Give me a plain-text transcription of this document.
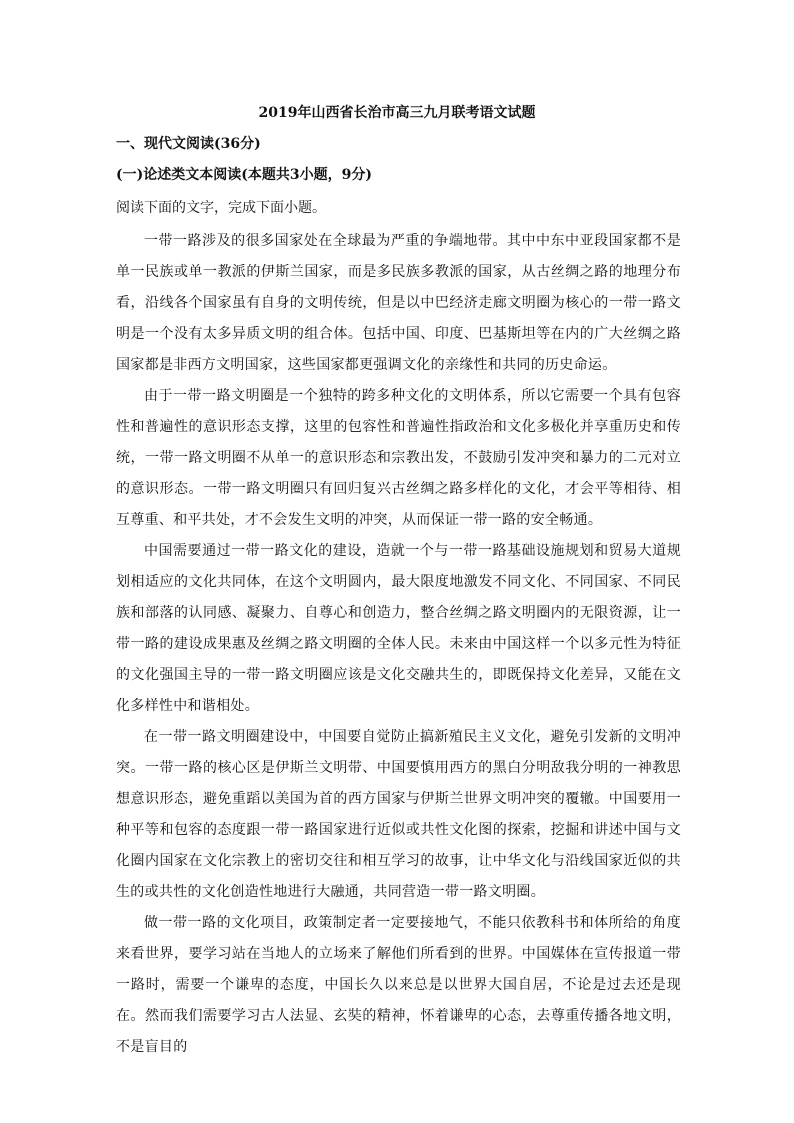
2019年山西省长治市高三九月联考语文试题
一、现代文阅读(36分)
(一)论述类文本阅读(本题共3小题，9分)
阅读下面的文字，完成下面小题。

一带一路涉及的很多国家处在全球最为严重的争端地带。其中中东中亚段国家都不是单一民族或单一教派的伊斯兰国家，而是多民族多教派的国家，从古丝绸之路的地理分布看，沿线各个国家虽有自身的文明传统，但是以中巴经济走廊文明圈为核心的一带一路文明是一个没有太多异质文明的组合体。包括中国、印度、巴基斯坦等在内的广大丝绸之路国家都是非西方文明国家，这些国家都更强调文化的亲缘性和共同的历史命运。

由于一带一路文明圈是一个独特的跨多种文化的文明体系，所以它需要一个具有包容性和普遍性的意识形态支撑，这里的包容性和普遍性指政治和文化多极化并享重历史和传统，一带一路文明圈不从单一的意识形态和宗教出发，不鼓励引发冲突和暴力的二元对立的意识形态。一带一路文明圈只有回归复兴古丝绸之路多样化的文化，才会平等相待、相互尊重、和平共处，才不会发生文明的冲突，从而保证一带一路的安全畅通。

中国需要通过一带一路文化的建设，造就一个与一带一路基础设施规划和贸易大道规划相适应的文化共同体，在这个文明圆内，最大限度地激发不同文化、不同国家、不同民族和部落的认同感、凝聚力、自尊心和创造力，整合丝绸之路文明圈内的无限资源，让一带一路的建设成果惠及丝绸之路文明圈的全体人民。未来由中国这样一个以多元性为特征的文化强国主导的一带一路文明圈应该是文化交融共生的，即既保持文化差异，又能在文化多样性中和谐相处。

在一带一路文明圈建设中，中国要自觉防止搞新殖民主义文化，避免引发新的文明冲突。一带一路的核心区是伊斯兰文明带、中国要慎用西方的黑白分明敌我分明的一神教思想意识形态，避免重蹈以美国为首的西方国家与伊斯兰世界文明冲突的覆辙。中国要用一种平等和包容的态度跟一带一路国家进行近似或共性文化图的探索，挖掘和讲述中国与文化圈内国家在文化宗教上的密切交往和相互学习的故事，让中华文化与沿线国家近似的共生的或共性的文化创造性地进行大融通，共同营造一带一路文明圈。

做一带一路的文化项目，政策制定者一定要接地气，不能只依教科书和体所给的角度来看世界，要学习站在当地人的立场来了解他们所看到的世界。中国媒体在宣传报道一带一路时，需要一个谦卑的态度，中国长久以来总是以世界大国自居，不论是过去还是现在。然而我们需要学习古人法显、玄奘的精神，怀着谦卑的心态，去尊重传播各地文明，不是盲目的
